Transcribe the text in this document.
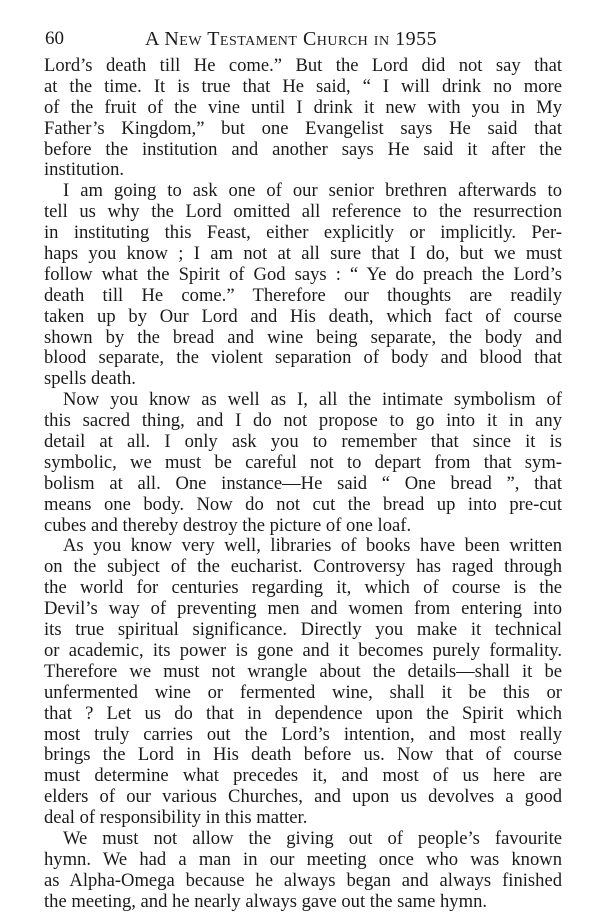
60	A New Testament Church in 1955
Lord’s death till He come.” But the Lord did not say that
at the time. It is true that He said, “ I will drink no more
of the fruit of the vine until I drink it new with you in My
Father’s Kingdom,” but one Evangelist says He said that
before the institution and another says He said it after the
institution.
I am going to ask one of our senior brethren afterwards to
tell us why the Lord omitted all reference to the resurrection
in instituting this Feast, either explicitly or implicitly. Per-
haps you know ; I am not at all sure that I do, but we must
follow what the Spirit of God says : “ Ye do preach the Lord’s
death till He come.” Therefore our thoughts are readily
taken up by Our Lord and His death, which fact of course
shown by the bread and wine being separate, the body and
blood separate, the violent separation of body and blood that
spells death.
Now you know as well as I, all the intimate symbolism of
this sacred thing, and I do not propose to go into it in any
detail at all. I only ask you to remember that since it is
symbolic, we must be careful not to depart from that sym-
bolism at all. One instance—He said “ One bread ”, that
means one body. Now do not cut the bread up into pre-cut
cubes and thereby destroy the picture of one loaf.
As you know very well, libraries of books have been written
on the subject of the eucharist. Controversy has raged through
the world for centuries regarding it, which of course is the
Devil’s way of preventing men and women from entering into
its true spiritual significance. Directly you make it technical
or academic, its power is gone and it becomes purely formality.
Therefore we must not wrangle about the details—shall it be
unfermented wine or fermented wine, shall it be this or
that ? Let us do that in dependence upon the Spirit which
most truly carries out the Lord’s intention, and most really
brings the Lord in His death before us. Now that of course
must determine what precedes it, and most of us here are
elders of our various Churches, and upon us devolves a good
deal of responsibility in this matter.
We must not allow the giving out of people’s favourite
hymn. We had a man in our meeting once who was known
as Alpha-Omega because he always began and always finished
the meeting, and he nearly always gave out the same hymn.
